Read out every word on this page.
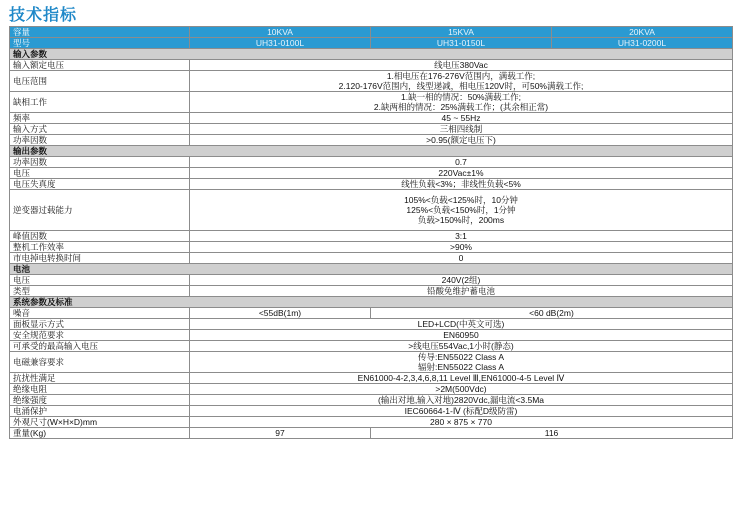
技术指标
容量	10KVA	15KVA	20KVA
型号	UH31-0100L	UH31-0150L	UH31-0200L
输入参数			
输入额定电压	线电压380Vac		
电压范围	1.相电压在176-276V范围内，满载工作;
2.120-176V范围内，线型递减，相电压120V时，可50%满载工作;		

缺相工作	1.缺一相的情况：50%满载工作;
2.缺两相的情况：25%满载工作；(其余相正常)		

频率	45 ~ 55Hz		
输入方式	三相四线制		
功率因数	>0.95(额定电压下)		
输出参数			
功率因数	0.7		
电压	220Vac±1%		
电压失真度	线性负载<3%；非线性负载<5%		
逆变器过载能力	105%<负载<125%时，10分钟
125%<负载<150%时，1分钟
负载>150%时，200ms		

峰值因数	3:1		
整机工作效率	>90%		
市电掉电转换时间	0		
电池			
电压	240V(2组)		
类型	铅酸免维护蓄电池		
系统参数及标准			
噪音	<55dB(1m)	<60 dB(2m)	
面板显示方式	LED+LCD(中英文可选)		
安全规范要求	EN60950		
可承受的最高输入电压	>线电压554Vac,1小时(静态)		
电磁兼容要求	传导:EN55022 Class A
辐射:EN55022 Class A		

抗扰性满足	EN61000-4-2,3,4,6,8,11 Level Ⅲ,EN61000-4-5 Level Ⅳ		
绝缘电阻	>2M(500Vdc)		
绝缘强度	(输出对地,输入对地)2820Vdc,漏电流<3.5Ma		
电涌保护	IEC60664-1-Ⅳ (标配D级防雷)		
外观尺寸(W×H×D)mm	280 × 875 × 770		
重量(Kg)	97	116	
